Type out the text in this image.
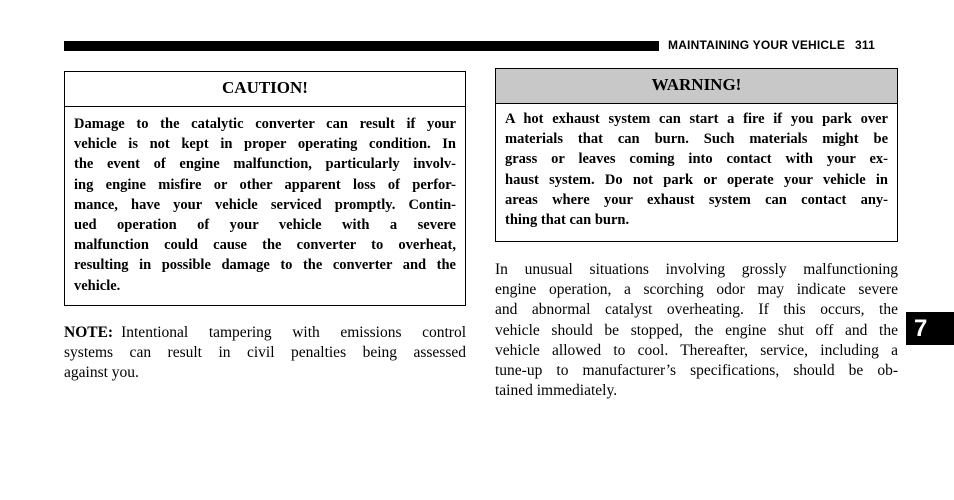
MAINTAINING YOUR VEHICLE 311
CAUTION!
Damage to the catalytic converter can result if your
vehicle is not kept in proper operating condition. In
the event of engine malfunction, particularly involv-
ing engine misfire or other apparent loss of perfor-
mance, have your vehicle serviced promptly. Contin-
ued operation of your vehicle with a severe
malfunction could cause the converter to overheat,
resulting in possible damage to the converter and the
vehicle.
NOTE: Intentional tampering with emissions control
systems can result in civil penalties being assessed
against you.
WARNING!
A hot exhaust system can start a fire if you park over
materials that can burn. Such materials might be
grass or leaves coming into contact with your ex-
haust system. Do not park or operate your vehicle in
areas where your exhaust system can contact any-
thing that can burn.
In unusual situations involving grossly malfunctioning
engine operation, a scorching odor may indicate severe
and abnormal catalyst overheating. If this occurs, the
vehicle should be stopped, the engine shut off and the
vehicle allowed to cool. Thereafter, service, including a
tune-up to manufacturer’s specifications, should be ob-
tained immediately.
7
